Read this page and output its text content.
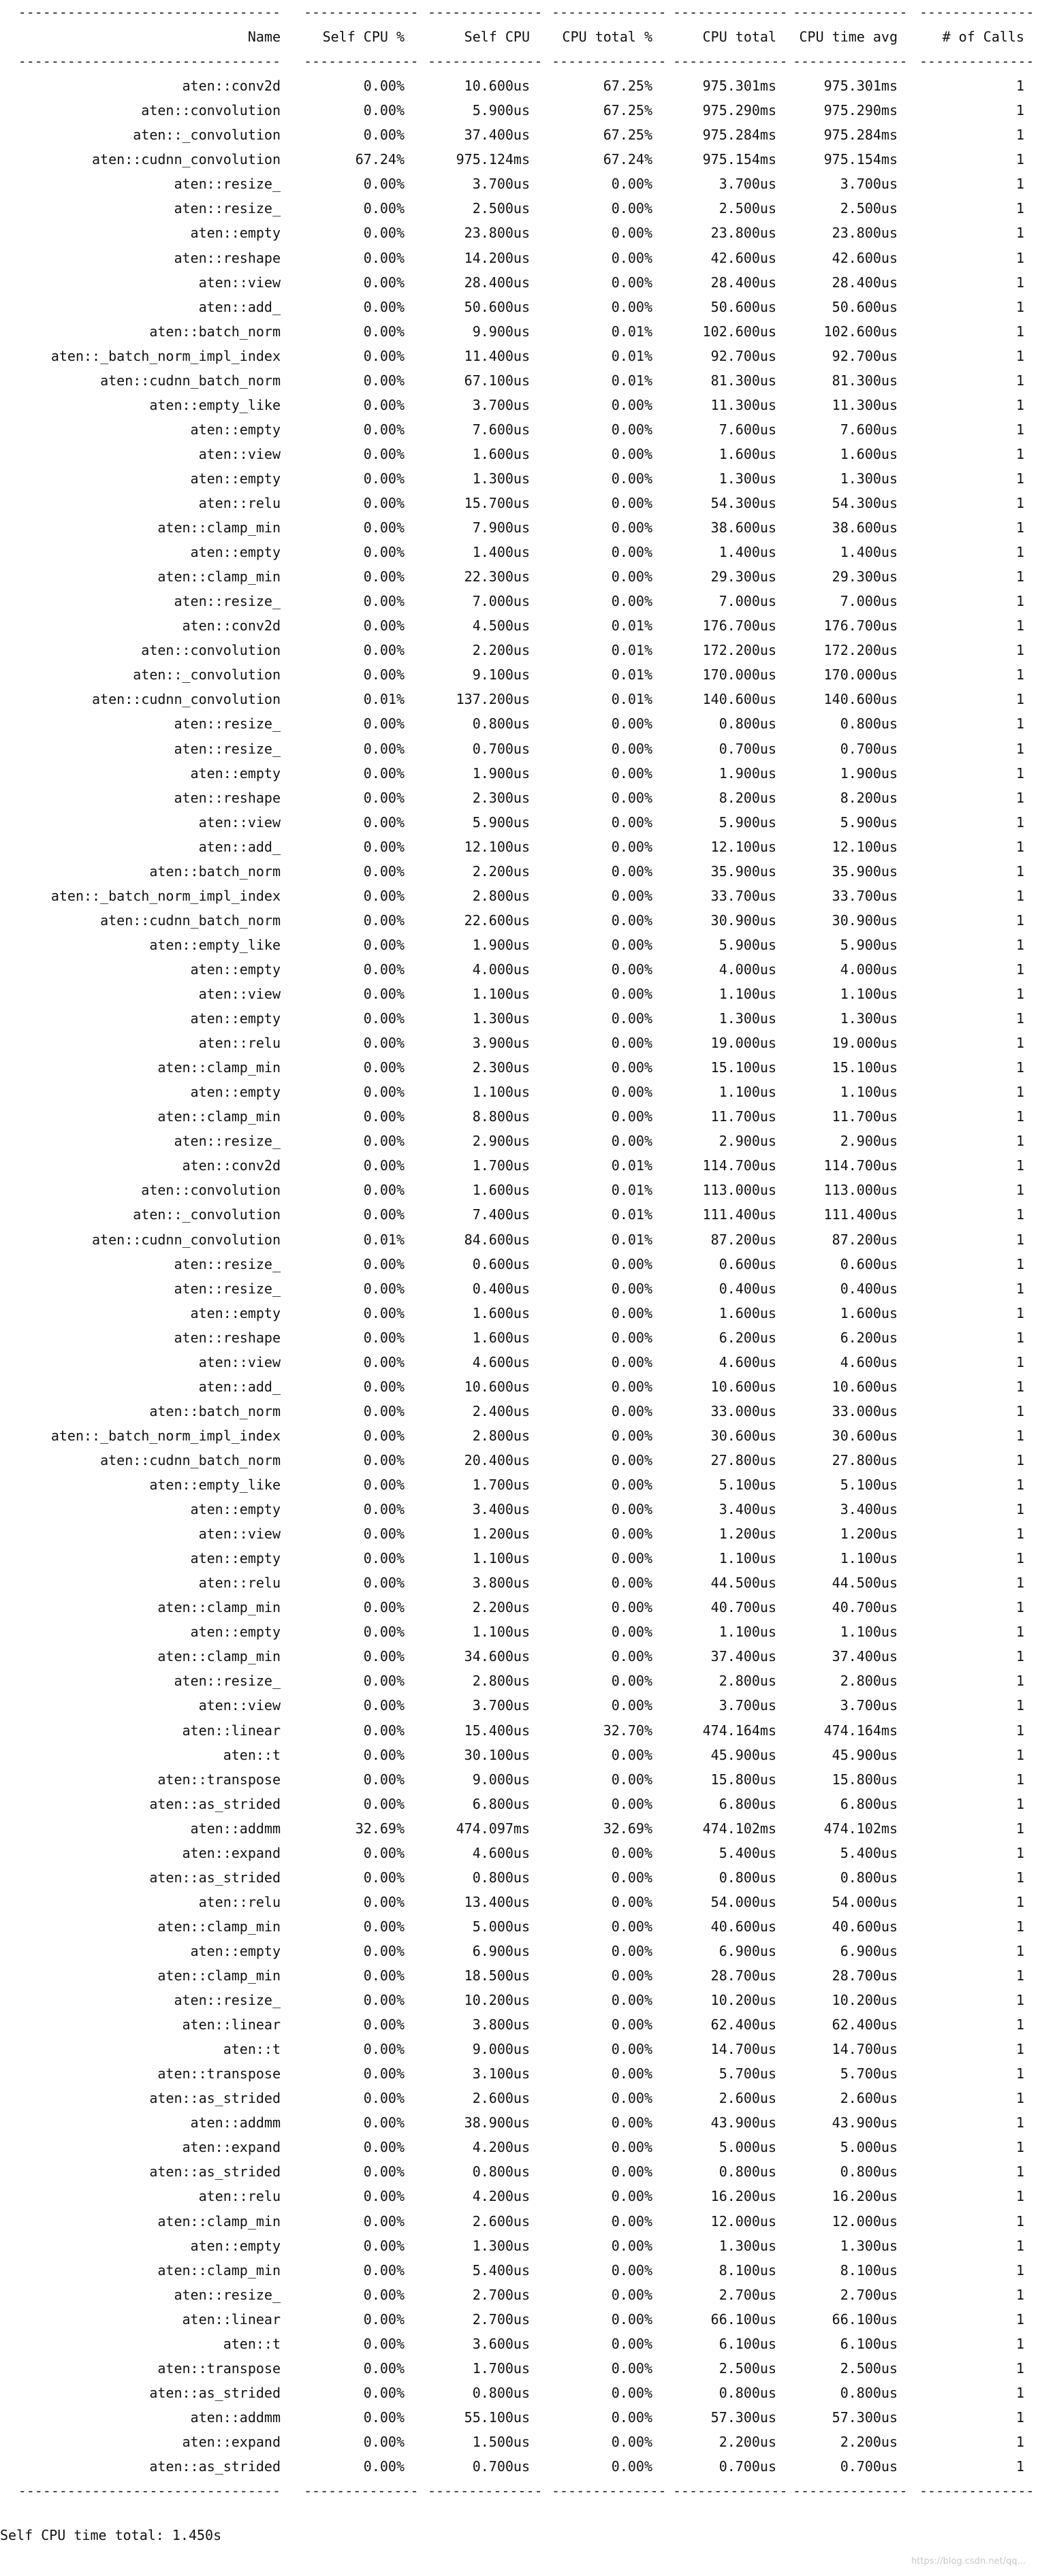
-------------------------------- -------------- -------------- -------------- -------------- -------------- --------------
Name	Self CPU %	Self CPU	CPU total %	CPU total	CPU time avg	# of Calls
-------------------------------- -------------- -------------- -------------- -------------- -------------- --------------
aten::conv2d	0.00%	10.600us	67.25%	975.301ms	975.301ms	1
aten::convolution	0.00%	5.900us	67.25%	975.290ms	975.290ms	1
aten::_convolution	0.00%	37.400us	67.25%	975.284ms	975.284ms	1
aten::cudnn_convolution	67.24%	975.124ms	67.24%	975.154ms	975.154ms	1
aten::resize_	0.00%	3.700us	0.00%	3.700us	3.700us	1
aten::resize_	0.00%	2.500us	0.00%	2.500us	2.500us	1
aten::empty	0.00%	23.800us	0.00%	23.800us	23.800us	1
aten::reshape	0.00%	14.200us	0.00%	42.600us	42.600us	1
aten::view	0.00%	28.400us	0.00%	28.400us	28.400us	1
aten::add_	0.00%	50.600us	0.00%	50.600us	50.600us	1
aten::batch_norm	0.00%	9.900us	0.01%	102.600us	102.600us	1
aten::_batch_norm_impl_index	0.00%	11.400us	0.01%	92.700us	92.700us	1
aten::cudnn_batch_norm	0.00%	67.100us	0.01%	81.300us	81.300us	1
aten::empty_like	0.00%	3.700us	0.00%	11.300us	11.300us	1
aten::empty	0.00%	7.600us	0.00%	7.600us	7.600us	1
aten::view	0.00%	1.600us	0.00%	1.600us	1.600us	1
aten::empty	0.00%	1.300us	0.00%	1.300us	1.300us	1
aten::relu	0.00%	15.700us	0.00%	54.300us	54.300us	1
aten::clamp_min	0.00%	7.900us	0.00%	38.600us	38.600us	1
aten::empty	0.00%	1.400us	0.00%	1.400us	1.400us	1
aten::clamp_min	0.00%	22.300us	0.00%	29.300us	29.300us	1
aten::resize_	0.00%	7.000us	0.00%	7.000us	7.000us	1
aten::conv2d	0.00%	4.500us	0.01%	176.700us	176.700us	1
aten::convolution	0.00%	2.200us	0.01%	172.200us	172.200us	1
aten::_convolution	0.00%	9.100us	0.01%	170.000us	170.000us	1
aten::cudnn_convolution	0.01%	137.200us	0.01%	140.600us	140.600us	1
aten::resize_	0.00%	0.800us	0.00%	0.800us	0.800us	1
aten::resize_	0.00%	0.700us	0.00%	0.700us	0.700us	1
aten::empty	0.00%	1.900us	0.00%	1.900us	1.900us	1
aten::reshape	0.00%	2.300us	0.00%	8.200us	8.200us	1
aten::view	0.00%	5.900us	0.00%	5.900us	5.900us	1
aten::add_	0.00%	12.100us	0.00%	12.100us	12.100us	1
aten::batch_norm	0.00%	2.200us	0.00%	35.900us	35.900us	1
aten::_batch_norm_impl_index	0.00%	2.800us	0.00%	33.700us	33.700us	1
aten::cudnn_batch_norm	0.00%	22.600us	0.00%	30.900us	30.900us	1
aten::empty_like	0.00%	1.900us	0.00%	5.900us	5.900us	1
aten::empty	0.00%	4.000us	0.00%	4.000us	4.000us	1
aten::view	0.00%	1.100us	0.00%	1.100us	1.100us	1
aten::empty	0.00%	1.300us	0.00%	1.300us	1.300us	1
aten::relu	0.00%	3.900us	0.00%	19.000us	19.000us	1
aten::clamp_min	0.00%	2.300us	0.00%	15.100us	15.100us	1
aten::empty	0.00%	1.100us	0.00%	1.100us	1.100us	1
aten::clamp_min	0.00%	8.800us	0.00%	11.700us	11.700us	1
aten::resize_	0.00%	2.900us	0.00%	2.900us	2.900us	1
aten::conv2d	0.00%	1.700us	0.01%	114.700us	114.700us	1
aten::convolution	0.00%	1.600us	0.01%	113.000us	113.000us	1
aten::_convolution	0.00%	7.400us	0.01%	111.400us	111.400us	1
aten::cudnn_convolution	0.01%	84.600us	0.01%	87.200us	87.200us	1
aten::resize_	0.00%	0.600us	0.00%	0.600us	0.600us	1
aten::resize_	0.00%	0.400us	0.00%	0.400us	0.400us	1
aten::empty	0.00%	1.600us	0.00%	1.600us	1.600us	1
aten::reshape	0.00%	1.600us	0.00%	6.200us	6.200us	1
aten::view	0.00%	4.600us	0.00%	4.600us	4.600us	1
aten::add_	0.00%	10.600us	0.00%	10.600us	10.600us	1
aten::batch_norm	0.00%	2.400us	0.00%	33.000us	33.000us	1
aten::_batch_norm_impl_index	0.00%	2.800us	0.00%	30.600us	30.600us	1
aten::cudnn_batch_norm	0.00%	20.400us	0.00%	27.800us	27.800us	1
aten::empty_like	0.00%	1.700us	0.00%	5.100us	5.100us	1
aten::empty	0.00%	3.400us	0.00%	3.400us	3.400us	1
aten::view	0.00%	1.200us	0.00%	1.200us	1.200us	1
aten::empty	0.00%	1.100us	0.00%	1.100us	1.100us	1
aten::relu	0.00%	3.800us	0.00%	44.500us	44.500us	1
aten::clamp_min	0.00%	2.200us	0.00%	40.700us	40.700us	1
aten::empty	0.00%	1.100us	0.00%	1.100us	1.100us	1
aten::clamp_min	0.00%	34.600us	0.00%	37.400us	37.400us	1
aten::resize_	0.00%	2.800us	0.00%	2.800us	2.800us	1
aten::view	0.00%	3.700us	0.00%	3.700us	3.700us	1
aten::linear	0.00%	15.400us	32.70%	474.164ms	474.164ms	1
aten::t	0.00%	30.100us	0.00%	45.900us	45.900us	1
aten::transpose	0.00%	9.000us	0.00%	15.800us	15.800us	1
aten::as_strided	0.00%	6.800us	0.00%	6.800us	6.800us	1
aten::addmm	32.69%	474.097ms	32.69%	474.102ms	474.102ms	1
aten::expand	0.00%	4.600us	0.00%	5.400us	5.400us	1
aten::as_strided	0.00%	0.800us	0.00%	0.800us	0.800us	1
aten::relu	0.00%	13.400us	0.00%	54.000us	54.000us	1
aten::clamp_min	0.00%	5.000us	0.00%	40.600us	40.600us	1
aten::empty	0.00%	6.900us	0.00%	6.900us	6.900us	1
aten::clamp_min	0.00%	18.500us	0.00%	28.700us	28.700us	1
aten::resize_	0.00%	10.200us	0.00%	10.200us	10.200us	1
aten::linear	0.00%	3.800us	0.00%	62.400us	62.400us	1
aten::t	0.00%	9.000us	0.00%	14.700us	14.700us	1
aten::transpose	0.00%	3.100us	0.00%	5.700us	5.700us	1
aten::as_strided	0.00%	2.600us	0.00%	2.600us	2.600us	1
aten::addmm	0.00%	38.900us	0.00%	43.900us	43.900us	1
aten::expand	0.00%	4.200us	0.00%	5.000us	5.000us	1
aten::as_strided	0.00%	0.800us	0.00%	0.800us	0.800us	1
aten::relu	0.00%	4.200us	0.00%	16.200us	16.200us	1
aten::clamp_min	0.00%	2.600us	0.00%	12.000us	12.000us	1
aten::empty	0.00%	1.300us	0.00%	1.300us	1.300us	1
aten::clamp_min	0.00%	5.400us	0.00%	8.100us	8.100us	1
aten::resize_	0.00%	2.700us	0.00%	2.700us	2.700us	1
aten::linear	0.00%	2.700us	0.00%	66.100us	66.100us	1
aten::t	0.00%	3.600us	0.00%	6.100us	6.100us	1
aten::transpose	0.00%	1.700us	0.00%	2.500us	2.500us	1
aten::as_strided	0.00%	0.800us	0.00%	0.800us	0.800us	1
aten::addmm	0.00%	55.100us	0.00%	57.300us	57.300us	1
aten::expand	0.00%	1.500us	0.00%	2.200us	2.200us	1
aten::as_strided	0.00%	0.700us	0.00%	0.700us	0.700us	1
-------------------------------- -------------- -------------- -------------- -------------- -------------- --------------
Self CPU time total: 1.450s
https://blog.csdn.net/qq...
